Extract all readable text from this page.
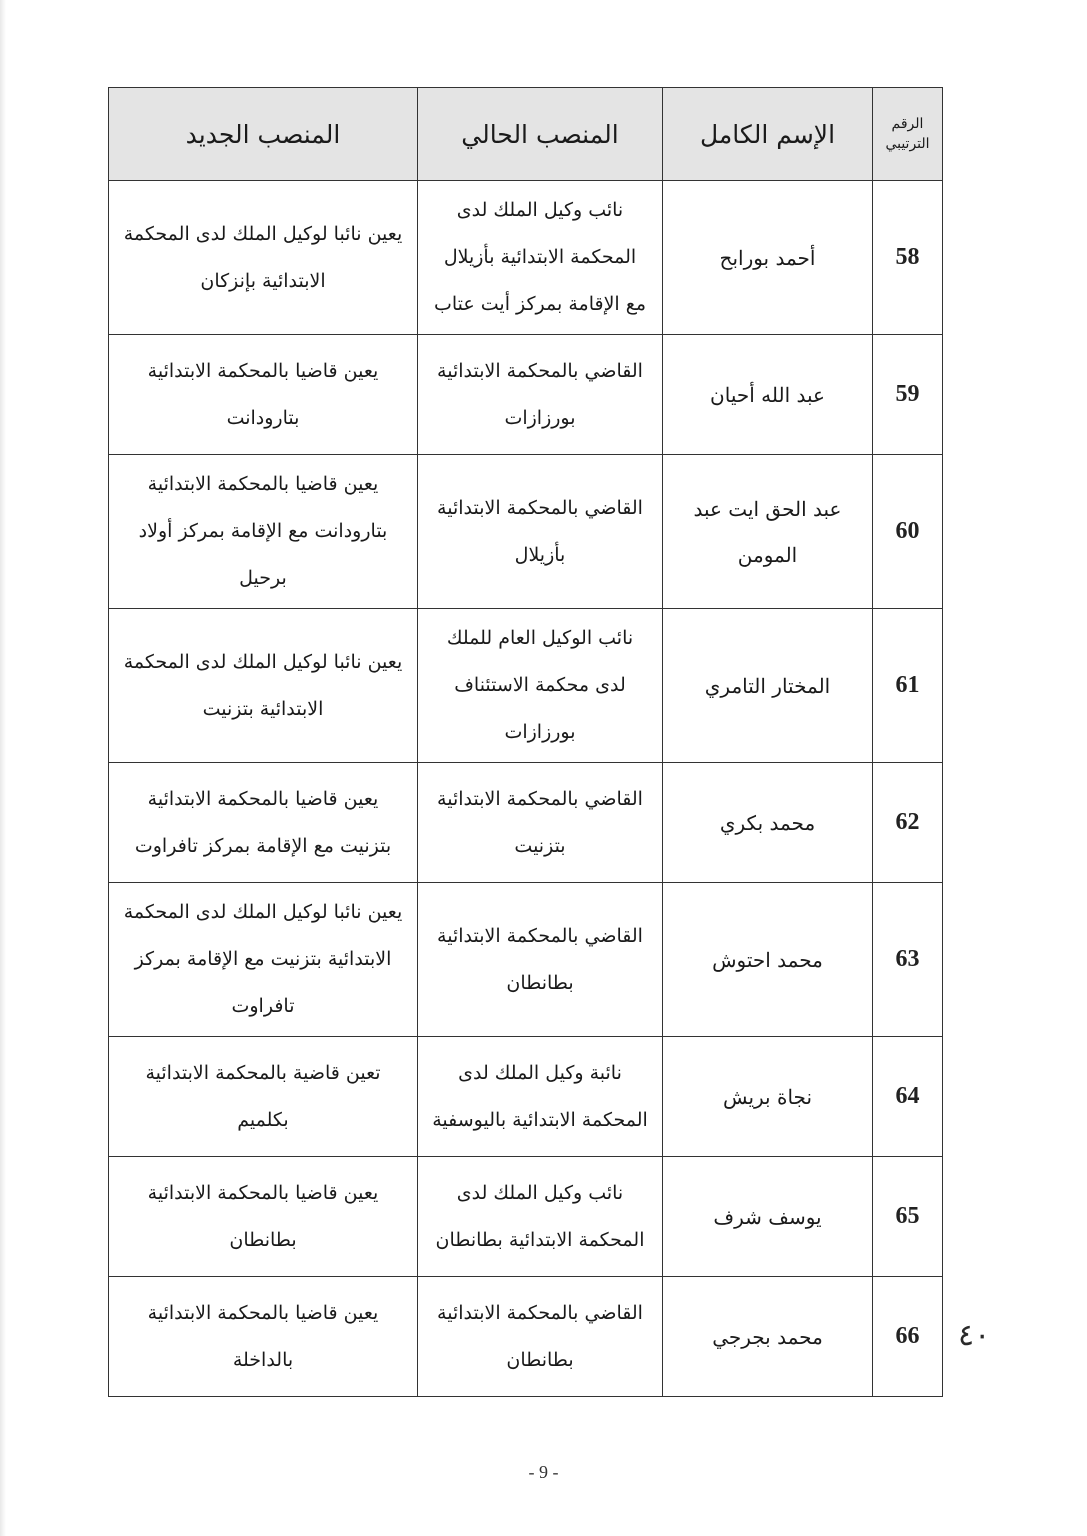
الرقم الترتيبي	الإسم الكامل	المنصب الحالي	المنصب الجديد
58	أحمد بورابح	نائب وكيل الملك لدى المحكمة الابتدائية بأزيلال مع الإقامة بمركز أيت عتاب	يعين نائبا لوكيل الملك لدى المحكمة الابتدائية بإنزكان
59	عبد الله أحيان	القاضي بالمحكمة الابتدائية بورزازات	يعين قاضيا بالمحكمة الابتدائية بتارودانت
60	عبد الحق ايت عبد المومن	القاضي بالمحكمة الابتدائية بأزيلال	يعين قاضيا بالمحكمة الابتدائية بتارودانت مع الإقامة بمركز أولاد برحيل
61	المختار التامري	نائب الوكيل العام للملك لدى محكمة الاستئناف بورزازات	يعين نائبا لوكيل الملك لدى المحكمة الابتدائية بتزنيت
62	محمد بكري	القاضي بالمحكمة الابتدائية بتزنيت	يعين قاضيا بالمحكمة الابتدائية بتزنيت مع الإقامة بمركز تافراوت
63	محمد احتوش	القاضي بالمحكمة الابتدائية بطانطان	يعين نائبا لوكيل الملك لدى المحكمة الابتدائية بتزنيت مع الإقامة بمركز تافراوت
64	نجاة بريش	نائبة وكيل الملك لدى المحكمة الابتدائية باليوسفية	تعين قاضية بالمحكمة الابتدائية بكلميم
65	يوسف شرف	نائب وكيل الملك لدى المحكمة الابتدائية بطانطان	يعين قاضيا بالمحكمة الابتدائية بطانطان
66	محمد بجرجي	القاضي بالمحكمة الابتدائية بطانطان	يعين قاضيا بالمحكمة الابتدائية بالداخلة
٤٠
- 9 -
